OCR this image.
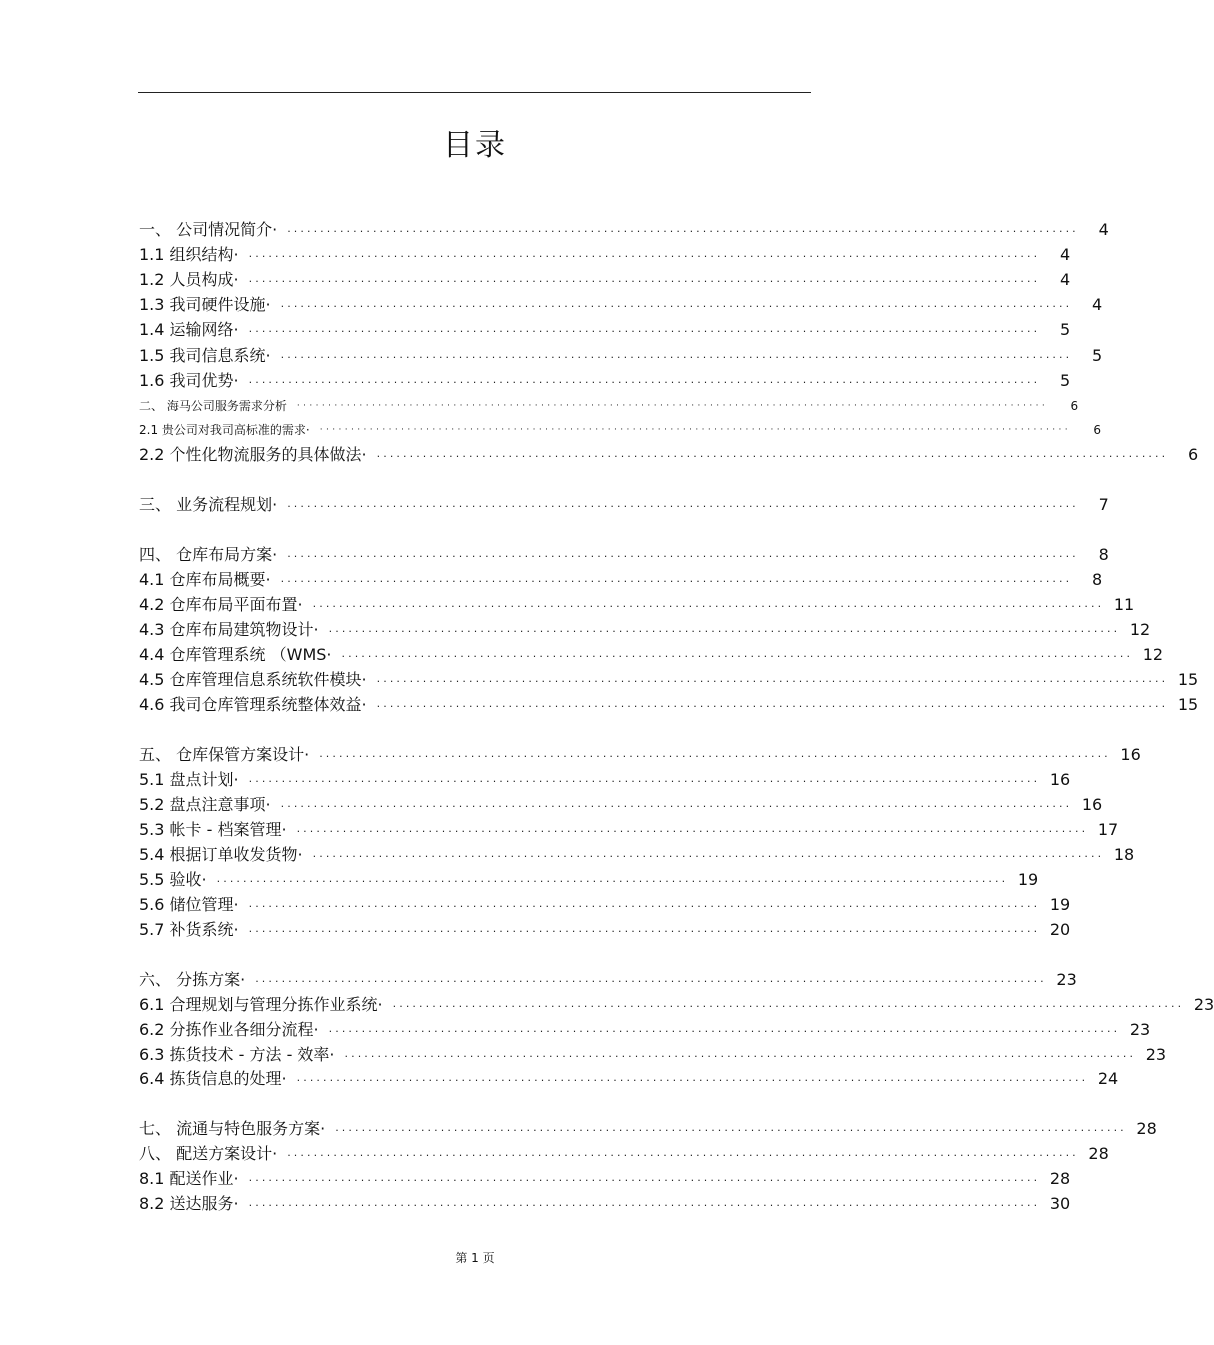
目录
一、 公司情况简介· ························································································································	4
1.1 组织结构· ························································································································	4
1.2 人员构成· ························································································································	4
1.3 我司硬件设施· ························································································································	4
1.4 运输网络· ························································································································	5
1.5 我司信息系统· ························································································································	5
1.6 我司优势· ························································································································	5
二、 海马公司服务需求分析 ························································································································	6
2.1 贵公司对我司高标准的需求· ························································································································	6
2.2 个性化物流服务的具体做法· ························································································································	6
三、 业务流程规划· ························································································································	7
四、 仓库布局方案· ························································································································	8
4.1 仓库布局概要· ························································································································	8
4.2 仓库布局平面布置· ························································································································ 11
4.3 仓库布局建筑物设计· ························································································································ 12
4.4 仓库管理系统 （WMS· ························································································································ 12
4.5 仓库管理信息系统软件模块· ························································································································ 15
4.6 我司仓库管理系统整体效益· ························································································································ 15
五、 仓库保管方案设计· ························································································································ 16
5.1 盘点计划· ························································································································ 16
5.2 盘点注意事项· ························································································································ 16
5.3 帐卡 - 档案管理· ························································································································ 17
5.4 根据订单收发货物· ························································································································ 18
5.5 验收· ························································································································ 19
5.6 储位管理· ························································································································ 19
5.7 补货系统· ························································································································ 20
六、 分拣方案· ························································································································ 23
6.1 合理规划与管理分拣作业系统· ························································································································ 23
6.2 分拣作业各细分流程· ························································································································ 23
6.3 拣货技术 - 方法 - 效率· ························································································································ 23
6.4 拣货信息的处理· ························································································································ 24
七、 流通与特色服务方案· ························································································································ 28
八、 配送方案设计· ························································································································ 28
8.1 配送作业· ························································································································ 28
8.2 送达服务· ························································································································ 30
第 1 页
